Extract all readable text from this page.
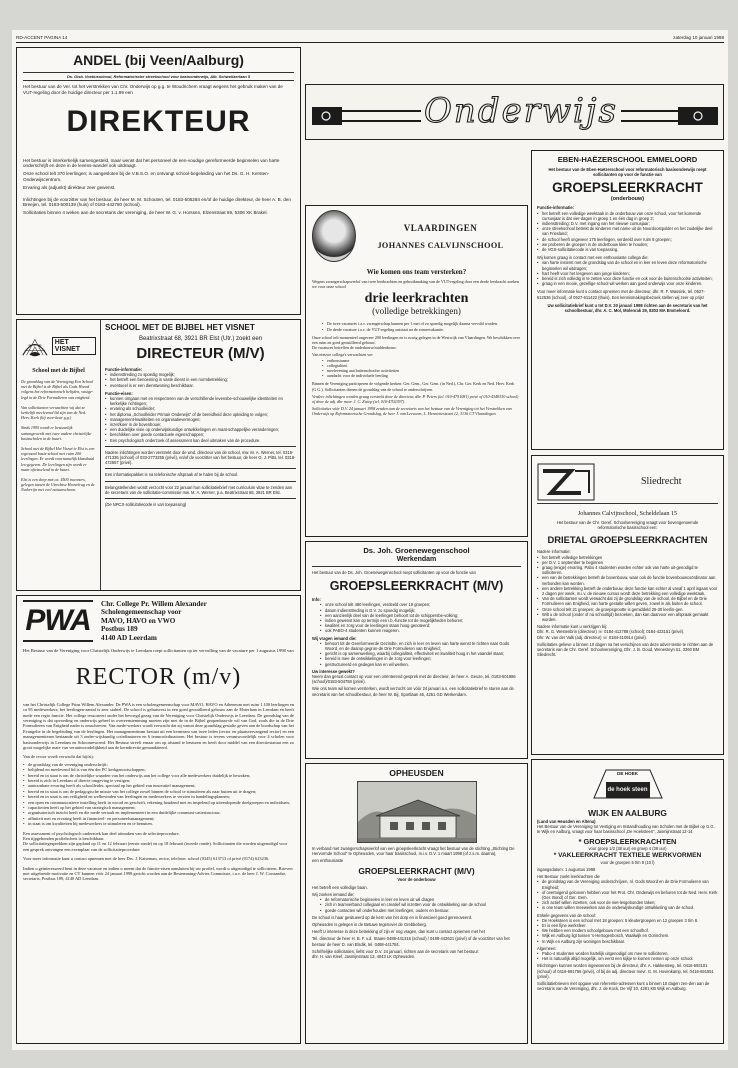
RD-ACCENT PAGINA 14	zaterdag 10 januari 1998
ANDEL (bij Veen/Aalburg)
Ds. Gisb. Voetiusschool, Reformatorische streekschool voor basisonderwijs, Alb. Schweitzerlaan 5

Het bestuur van de Ver. tot het verstrekken van Chr. Onderwijs op g.g. te Woudrichem vraagt wegens het gebruik maken van de VUT-regeling door de huidige directeur per 1.1.99 een

DIREKTEUR

Het bestuur is interkerkelijk samengesteld, maar wenst dat het personeel de een-voudige gereformeerde beginselen van harte onderschrijft en deze in de levens-wandel ook uitdraagt.

Onze school telt 370 leerlingen; is aangesloten bij de V.B.S.O. en ontvangt school-begeleiding van het Ds. G. H. Kersten-Onderwijscentrum.

Ervaring als (adjunkt) direkteur zeer gewenst.

Inlichtingen bij de voorzitter van het bestuur, de heer M. M. Schouten, tel. 0183-505284 en/of de huidige direkteur, de heer A. B. den Breejen, tel. 0183-500139 (huis) of 0183-442780 (school).

Sollicitaties binnen 4 weken aan de secretaris der vereniging, de heer W. G. v. Horssen, Elzenstraat 69, 5306 XK Brakel.

HET VISNET
School met de Bijbel

De grondslag van de Vereniging Een School met de Bijbel is de Bijbel als Gods Woord volgens het reformatorisch belijden, vastge-legd in de Drie Formulieren van enigheid.

Van sollicitanten verwachten wij dat ze kerkelijk meelevend lid zijn van de Ned. Herv. Kerk (bij voor-keur g.g.)

Sinds 1995 wordt er bestuurlijk samengewerkt met twee andere christelijke basisscholen in de buurt.

School met de Bijbel Het Visnet te Elst is een regionaal basis-school met ruim 200 leerlingen. Er wordt voornamelijk klassikaal les-gegeven. De leerlingen zijn wordt er maar afwisselend in de buurt.

Elst is een dorp met ca. 4500 inwoners, gelegen tussen de Utrechtse Heuvelrug en de Nederrijn met veel natuurschoon.

SCHOOL MET DE BIJBEL HET VISNET
Beatrixstraat 68, 3921 BR Elst (Utr.) zoekt een
DIRECTEUR (M/V)
Functie-informatie:
• indiensttreding zo spoedig mogelijk;
• het betreft een benoeming in vaste dienst in een normbetrekking;
• eventueel is er een dienstwoning beschikbaar.
Functie-eisen:
• kunnen omgaan met en respecteren van de verschillende levensbe-schouwelijke identiteiten en kerkelijke richtingen;
• ervaring als schoolleider;
• het diploma „Schoolleider Primair Onderwijs" of de bereidheid deze opleiding te volgen;
• management-kwaliteiten en organisatievermogen;
• inzet/koer in de bovenbouw;
• een duidelijke visie op onderwijskundige ontwikkelingen en maat-schappelijke veranderingen;
• beschikken over goede contactuele eigenschappen;
• Een psychologisch onderzoek of assessment kan deel uitmaken van de procedure.

Nadere inlichtingen worden verstrekt door de wnd. directeur van de school, mw. M. A. Werner, tel. 0318-471336 (school) of 033-2773255 (privé), en/of de voorzitter van het bestuur, de heer G. J. Pitts, tel. 0318-472557 (privé).

Een informatiepakket is na telefonische afspraak af te halen bij de school.

Belangstellenden wordt verzocht voor 22 januari hun sollicitatiebrief met curriculum vitae te zenden aan de secretaris van de sollicitatie-commissie mw. M. A. Werner, p.a. Beatrixstraat 68, 3921 BR Elst.

(De NPCS-sollicitatiecode is van toepassing)

PWA	Chr. College Pr. Willem Alexander
Scholengemeenschap voor
MAVO, HAVO en VWO
Postbus 189
4140 AD Leerdam

Het Bestuur van de Vereniging voor Christelijk Onderwijs te Leerdam roept sollicitanten op ter vervulling van de vacature per 1 augustus 1998 van

RECTOR (m/v)

van het Christelijk College Prins Willem Alexander. De PWA is een scholengemeenschap voor MAVO, HAVO en Atheneum met ruim 1.100 leerlingen en ca 95 medewerkers; het leerlingen-aantal is zeer stabiel. De school is gehuisvest in een goed geoutilleerd gebouw aan de Elsterlaan in Leerdam en heeft mede een regio functie. Het college ressorteert onder het bevoegd gezag van de Vereniging voor Christelijk Onderwijs te Leerdam. De grondslag van de vereniging is dat opvoeding en onderwijs geheel in overeenstemming moeten zijn met de in de Bijbel geopenbaar-de wil van God, zoals die in de Drie Formulieren van Enigheid nader is omschreven. Van mede-werkers wordt verwacht dat zij vanuit deze grondslag gestalte geven aan de boodschap van het Evangelie in de begeleiding van de leerlingen. Het managementteam bestaat uit een kernteam van twee leden (rector en plaatsvervangend rector) en een managementteam bestaande uit 3 onder-wijskundig coördinatoren en 6 teamcoördinatoren. Het bestuur is tevens verantwoordelijk voor 4 scholen voor basisonderwijs in Leerdam en Schoonrewoerd. Het Bestuur streeft ernaar om op afstand te besturen en heeft door middel van een directiestatuut een zo groot mogelijke mate van verantwoordelijkheid aan de kerndirectie gemandateerd.

Van de rector wordt verwacht dat hij/zij:

• de grondslag van de vereniging onderschrijft;
• belijdend en meelevend lid is van één der PC kerkgenootschappen;
• bereid en in staat is om de christelijke waarden van het onderwijs aan het college voor alle medewerkers duidelijk te bewaken;
• bereid is zich in Leerdam of directe omgeving te vestigen;
• aantoonbare ervaring heeft als schoolleider, speciaal op het gebied van innovatief management;
• bereid en in staat is om de pedagogische missie van het college zowel binnen de school te stimuleren als naar buiten uit te dragen;
• bereid en in staat is om veiligheid en welbevinden van leerlingen en medewerkers te verzien in handelingsplannen;
• een open en communicatieve instelling heeft in woord en geschrift, rekening houdend met en inspelend op uiteenlopende doelgroepen en individuen;
• capaciteiten heeft op het gebied van strategisch management;
• organisatorisch inzicht heeft en die mede vertaalt en implementeert in een duidelijke communi-catiestructuur;
• affiniteit met en ervaring heeft in financieel- en personeelsmanagement;
• in staat is om kwaliteiten bij medewerkers te stimuleren en te benutten.

Een assessment of psychologisch onderzoek kan deel uitmaken van de selectieprocedure.

Een tijpgebonden profielschets is beschikbaar.

De sollicitatiegesprekken zijn gepland op 11 en 12 februari (eerste ronde) en op 18 februari (tweede ronde). Sollicitanten die worden uitgenodigd voor een gesprek ontvangen een exemplaar van de sollicitatieprocedure.

Voor meer informatie kunt u contact opnemen met de heer Drs. J. Kaiseman, rector, telefoon: school (0345) 613713 of privé (0174) 623236.

Indien u geïnteresseerd bent in deze vacature en indien u meent dat de functie-eisen aansluiten bij uw profiel, wordt u uitgenodigd te solliciteren. Brieven met uitgebreide motivatie en CV kunnen vóór 24 januari 1998 gericht worden aan de Bestemming-Advies Commissie, t.a.v. de heer J. W. Corstandse, secretaris, Postbus 189, 4140 AD Leerdam.

Onderwijs
VLAARDINGEN
JOHANNES CALVIJNSCHOOL
Wie komen ons team versterken?

Wegens zwangerschapsverlof van twee leerkrachten en gebruikmaking van de VUT-regeling door een derde leerkracht zoeken we voor onze school

drie leerkrachten
(volledige betrekkingen)
• De twee vacatures t.a.v. zwangerschap kunnen per 1 mei of zo spoedig mogelijk daarna vervuld worden.
• De derde vacature t.a.v. de VUT-regeling ontstaat na de zomervakantie.

Onze school telt momenteel ongeveer 200 leerlingen en is ruwig gelegen in de Westwijk van Vlaardingen. We beschikken over een ruim en goed geoutilleerd gebouw.

De vacatures betreffen de onderbouw/middenbouw.

Van nieuwe collega's verwachten we:

• enthousiasme
• collegialiteit
• meelevening aan buitenschoolse activiteiten
• aandacht voor de individuele leerling

Binnen de Vereniging participeren de volgende kerken: Ger. Gem., Ger. Gem. (in Ned.), Chr. Ger. Kerk en Ned. Herv. Kerk (G.G.). Sollicitanten dienen de grondslag van de school te onderschrijven.

Verdere inlichtingen worden graag verstrekt door de directeur, dhr. P. Peters (tel. 010-4751081) privé of 010-4348330 school) of door de adj. dhr meer. J. C. Zwiep (tel. 010-4702397).

Sollicitaties vóór D.V. 24 januari 1998 zenden aan de secretaris van het bestuur van de Vereniging tot het Verstrekken van Onderwijs op Reformatorische Grondslag, de heer J. van Leeuwen, L. Henriettestraat 12, 3136 CT Vlaardingen.

EBEN-HAËZERSCHOOL EMMELOORD

Het bestuur van de Eben-Haëzerschool voor reformatorisch basisonderwijs roept sollicitanten op voor de functie van

GROEPSLEERKRACHT
(onderbouw)
Functie-informatie:
• het betreft een volledige weektaak in de onderbouw van onze school, voor het komende cursusjaar is dat vier-dagen in groep 1 en één dag in groep 2;
• indiensttreding: D.V. met ingang van het nieuwe cursusjaar;
• onze streekschool betrekt de kinderen met name uit de Noordoostpolder en het zuidelijke deel van Friesland;
• de school heeft ongeveer 175 leerlingen, verdeeld over ruim 8 groepen;
• we proberen de groepen in de onderbouw klein te houden;
• de VGS-sollicitatiecode is van toepassing.
Wij komen graag in contact met een enthousiaste collega die:
• van harte instemt met de grondslag van de school en in leer en leven deze reformatorische beginselen wil uitdragen;
• hart heeft voor het lesgeven aan jonge kinderen;
• bereid is zich volledig in te zetten voor deze functie en ook voor de buitenschoolse activiteiten;
• graag in een mooie, gezellige school wil werken aan goed onderwijs voor onze kinderen.

Voor meer informatie kunt u contact opnemen met de directeur, dhr. R. F. Wassink, tel. 0527-612536 (school), of 0527-611422 (thuis). Een kennismakingsbezoek stellen wij zeer op prijs!

Uw sollicitatiebrief kunt u tot D.V. 20 januari 1998 richten aan de secretaris van het schoolbestuur, dhr. A. C. Mol, Molenrak 29, 8303 MA Emmeloord.

Sliedrecht
Johannes Calvijnschool, Scheldelaan 15

Het bestuur van de Chr. Geref. Schoolvereniging vraagt voor bovengenoemde reformatorische basisschool een:

DRIETAL GROEPSLEERKRACHTEN
Nadere informatie:
• het betreft volledige betrekkingen
• per D.V. 1 september te beginnen
• graag (enige) ervaring. Pabo 4 studenten worden echter ook van harte uit-genodigd te solliciteren.
• een van de betrekkingen betreft de bovenbouw, waar ook de functie bovenbouwcoördinator aan verbonden kan worden.
• een andere betrekking betreft de onderbouw, deze functie kan echter al vanaf 1 april ingaan voor 2 dagen per week, m.i.v. de nieuwe cursus wordt deze betrekking een volledige weektaak.
• Van de sollicitanten wordt verwacht dat zij de grondslag van de school, de Bijbel en de Drie Formulieren van Enigheid, van harte gestalte willen geven, zowel in als buiten de school.
• Onze school telt 21 groepen; de groepsgrootte is gemiddeld 25-30 leerlin-gen.
• Wilt u de school (onder of na schooltijd) bezoeken, dan kan daarvoor een afspraak gemaakt worden.
Nadere informatie kunt u verkrijgen bij:
Dhr. R. G. Westenbrin (directeur) ☏ 0184-412788 (school); 0184-423151 (privé).
Dhr. W. van der Valk (adj. directeur) ☏ 0184-410914 (privé).

Sollicitaties gelieve u binnen 10 dagen na het verschijnen van deze adver-tentie te richten aan de secretaris van de Chr. Geref. Schoolvereniging, Dhr. J. B. Goud, Wenesteyn 61, 3360 BM Sliedrecht.

Ds. Joh. Groenewegenschool
Werkendam

Het bestuur van de Ds. Joh. Groenewegenschool roept sollicitanten op voor de functie van

GROEPSLEERKRACHT (M/V)
Info:
• onze school telt 480 leerlingen, verdeeld over 19 groepen;
• datum indiensttreding is D.V. zo spoedig mogelijk;
• een aanzienlijk deel van de leerlingen behoort tot de schippersbe-volking;
• indien gewenst kan op termijn een i.b.-functie tot de mogelijkheden behoren;
• kwaliteit en zorg voor de leerlingen staan hoog genoteerd;
• ook PABO-4 studenten kunnen reageren.
Wij vragen iemand die:
• behoort tot de Gereformeerde Gezindte, en zich in leer en leven van harte wenst te richten naar Gods Woord, en de daarop gegron-de Drie Formulieren van Enigheid;
• gericht is op samenwerking, waarbij collegialiteit, effectiviteit en kwaliteit hoog in het vaandel staan;
• bereid is mee de ontwikkelingen in de zorg voor leerlingen;
• gestructureerd en gedegen kan en wil werken.
Uw interesse gewekt?

Neem dan gerust contact op voor een oriënterend gesprek met de directeur, de heer A. Geuze, tel. 0183-501986 (school)/0183-504758 (privé).

Wie ons team wil komen versterken, wordt verzocht om vóór 24 januari a.s. een sollicitatiebrief te sturen aan de secretaris van het schoolbestuur, de heer W. Bij, Sportlaan 46, 4251 GD Werkendam.

OPHEUSDEN

In verband met zwangerschapsverlof van een groepsleerkracht vraagt het bestuur van de stichting „Stichting De Hervormde School" te Opheusden, voor haar basisschool, m.i.v. D.V. 1 maart 1998 (of z.s.m. daarna),

een enthousiaste

GROEPSLEERKRACHT (M/V)
Voor de onderbouw

Het betreft een volledige baan.

Wij zoeken iemand die:
• de reformatorische beginselen in leer en leven uit wil dragen
• zich in teamverband collegiaal en creatief wil inzetten voor de ontwikkeling van de school
• goede contacten wil onderhouden met leerlingen, ouders en bestuur.

De school is haar gesitueerd op de kern van het dorp en is financieel goed gerenoveerd.

Opheusden is gelegen in de Betuwe tegenover de Grebbeberg.

Heeft U interesse in deze betrekking of zijn er nog vragen, dan kunt u contact opnemen met het

Tel. directeur de heer H. B. F. v.d. Staare 0488-441316 (school) / 0488-442621 (privé) of de voorzitter van het bestuur de heer D. van Elsdik, tel. 0488-441784.

Schriftelijke sollicitaties, liefst voor D.V. 24 januari, richten aan de secretaris van het bestuur:

dhr. H. van Kleef, Jasmijnstraat 13, 4043 LK Opheusden.

DE HOEK
de hoek steen
WIJK EN AALBURG
(Land van Heusden en Altena)

Het Bestuur van de Vereniging tot Vestiging en Instandhouding van Scholen met de Bijbel op G.G. te Wijk en Aalburg, vraagt voor haar basisschool „De Hoeksteen", Jasmijnstraat 12-14

* GROEPSLEERKRACHTEN
voor groep 1/2 (38 uur) en groep 4 (38 uur)
* VAKLEERKRACHT TEXTIELE WERKVORMEN
voor de groepen 5 t/m 8 (10 l)
ingangsdatum: 1 augustus 1998
Het Bestuur zoekt leerkrachten die
• de grondslag van de Vereniging onderschrijven, nl. Gods Woord en de Drie Formulieren van Enigheid;
• of overtuigend gelooven hebben voor het Prot. Chr. Onderwijs en behoren tot de Ned. Herv. Kerk (Ger. Bond) of Ger. Gem.
• zich actief willen inzetten, ook voor de niet-lesgebonden taken;
• in one team willen meewerken aan de onderwijskundige ontwikkeling van de school.
Enkele gegevens van de school:
• De Hoeksteen is een school met 18 groepen: 5 kleutergroepen en 12 groepen 3 t/m 8.
• Er is een fijne werksfeer.
• We hebben een modern schoolgebouw met een schoolhof.
• Wijk en Aalburg ligt tussen 's-Hertogenbosch, Waalwijk en Gorinchem.
• In Wijk en Aalburg zijn woningen beschikbaar.
Algemeen:
• Pabo-4 studenten worden hartelijk uitgenodigd om mee te solliciteren.
• Het is natuurlijk altijd mogelijk, om eerst een kijkje te komen nemen op onze school.

Inlichtingen kunnen worden ingewonnen bij de directeur, dhr. A. Hakkesteeg, tel. 0416-692101 (school) of 0416-691756 (privé), of bij de adj. directeur mevr. G. M. Hovenkamp, tel. 0416-691551 (privé).

Sollicitatiebrieven met opgave van referentie-adressen kunt u binnen 10 dagen zen-den aan de secretaris van de Vereniging, dhr. J. de Kock, De Vijf 10, 4281 KB Wijk en Aalburg.
